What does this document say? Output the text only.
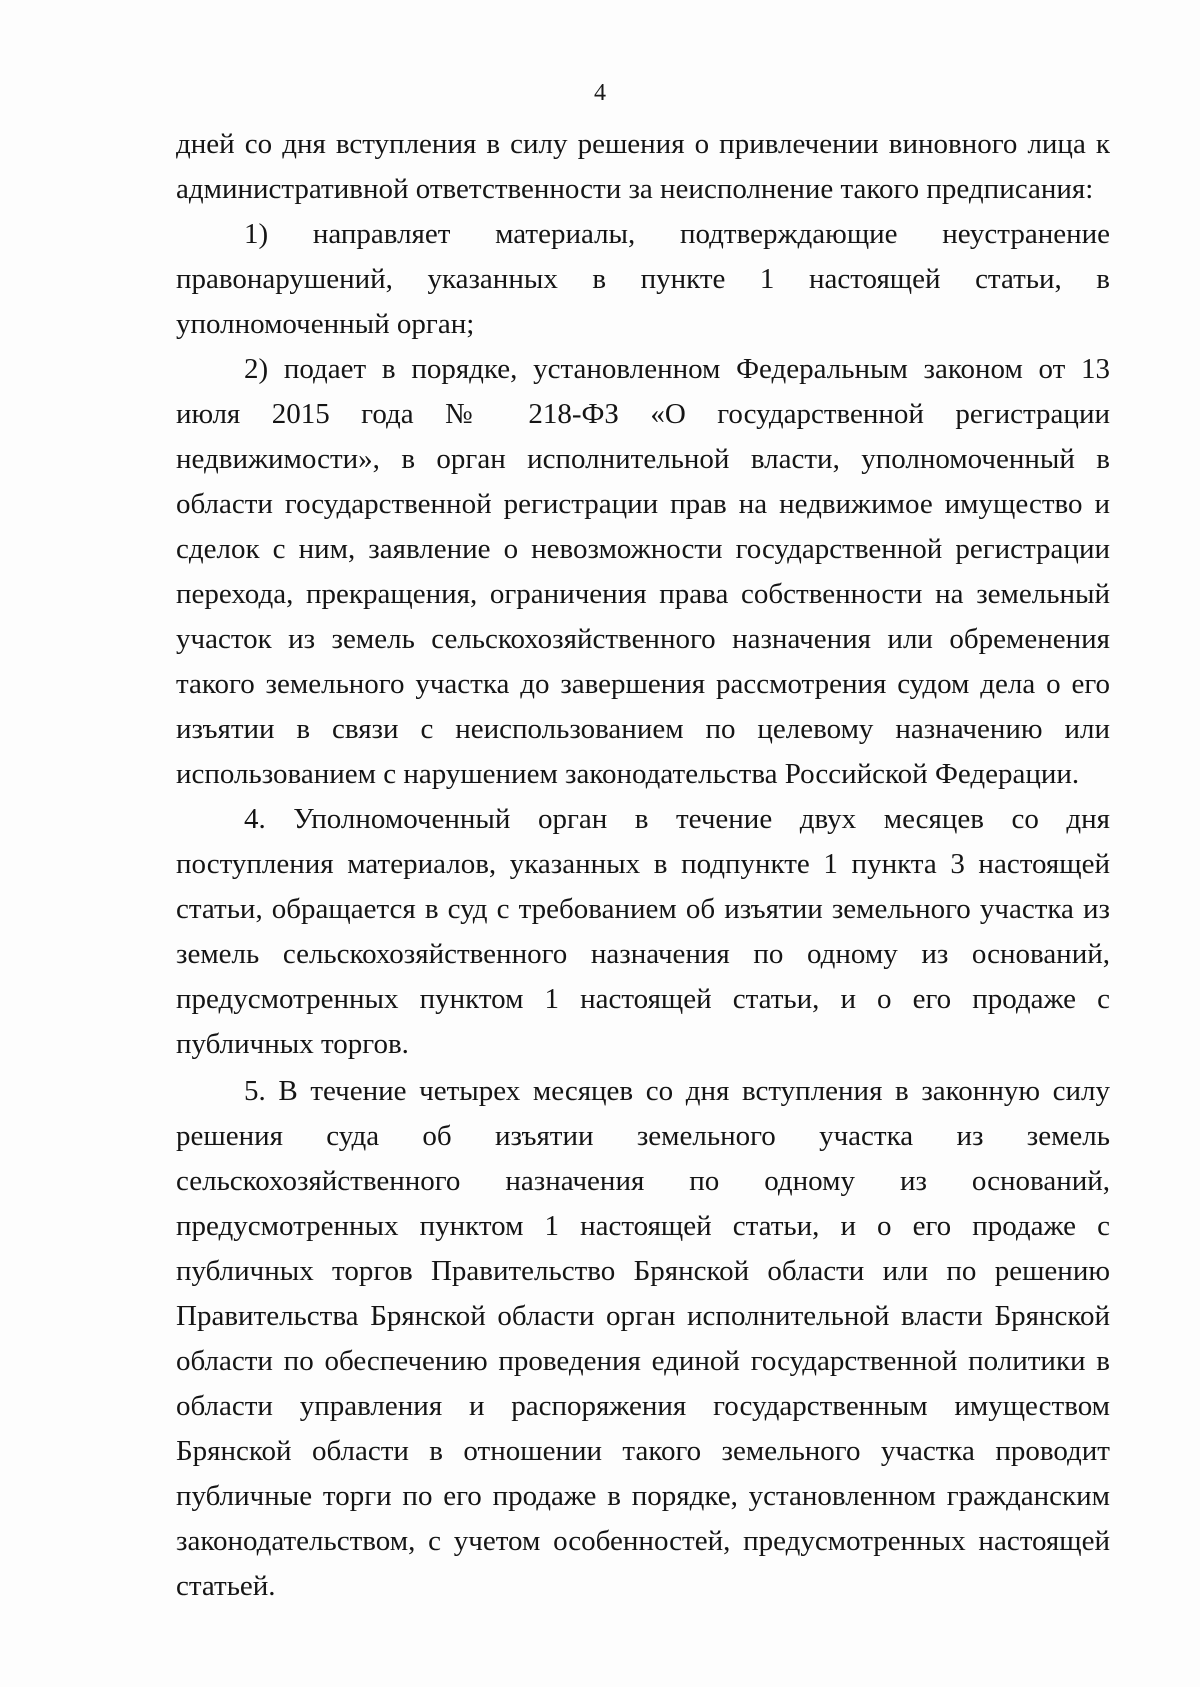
4

дней со дня вступления в силу решения о привлечении виновного лица к административной ответственности за неисполнение такого предписания:

1) направляет материалы, подтверждающие неустранение правонарушений, указанных в пункте 1 настоящей статьи, в уполномоченный орган;

2) подает в порядке, установленном Федеральным законом от 13 июля 2015 года № 218-ФЗ «О государственной регистрации недвижимости», в орган исполнительной власти, уполномоченный в области государственной регистрации прав на недвижимое имущество и сделок с ним, заявление о невозможности государственной регистрации перехода, прекращения, ограничения права собственности на земельный участок из земель сельскохозяйственного назначения или обременения такого земельного участка до завершения рассмотрения судом дела о его изъятии в связи с неиспользованием по целевому назначению или использованием с нарушением законодательства Российской Федерации.

4. Уполномоченный орган в течение двух месяцев со дня поступления материалов, указанных в подпункте 1 пункта 3 настоящей статьи, обращается в суд с требованием об изъятии земельного участка из земель сельскохозяйственного назначения по одному из оснований, предусмотренных пунктом 1 настоящей статьи, и о его продаже с публичных торгов.

5. В течение четырех месяцев со дня вступления в законную силу решения суда об изъятии земельного участка из земель сельскохозяйственного назначения по одному из оснований, предусмотренных пунктом 1 настоящей статьи, и о его продаже с публичных торгов Правительство Брянской области или по решению Правительства Брянской области орган исполнительной власти Брянской области по обеспечению проведения единой государственной политики в области управления и распоряжения государственным имуществом Брянской области в отношении такого земельного участка проводит публичные торги по его продаже в порядке, установленном гражданским законодательством, с учетом особенностей, предусмотренных настоящей статьей.
